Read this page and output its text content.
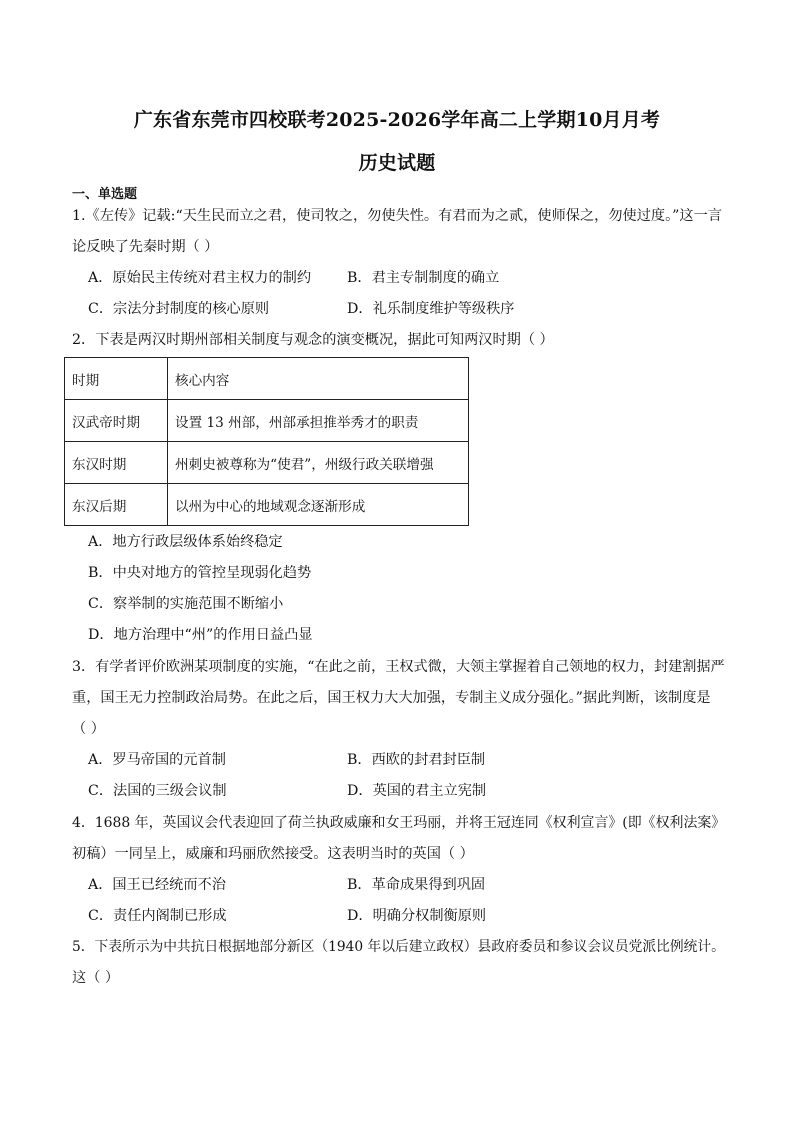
广东省东莞市四校联考2025-2026学年高二上学期10月月考
历史试题
一、单选题
1.《左传》记载:“天生民而立之君，使司牧之，勿使失性。有君而为之贰，使师保之，勿使过度。”这一言
论反映了先秦时期（ ）
A．原始民主传统对君主权力的制约	B．君主专制制度的确立
C．宗法分封制度的核心原则	D．礼乐制度维护等级秩序
2．下表是两汉时期州部相关制度与观念的演变概况，据此可知两汉时期（ ）
时期	核心内容
汉武帝时期	设置 13 州部，州部承担推举秀才的职责
东汉时期	州刺史被尊称为“使君”，州级行政关联增强
东汉后期	以州为中心的地域观念逐渐形成
A．地方行政层级体系始终稳定
B．中央对地方的管控呈现弱化趋势
C．察举制的实施范围不断缩小
D．地方治理中“州”的作用日益凸显
3．有学者评价欧洲某项制度的实施，“在此之前，王权式微，大领主掌握着自己领地的权力，封建割据严
重，国王无力控制政治局势。在此之后，国王权力大大加强，专制主义成分强化。”据此判断，该制度是
（ ）
A．罗马帝国的元首制	B．西欧的封君封臣制
C．法国的三级会议制	D．英国的君主立宪制
4．1688 年，英国议会代表迎回了荷兰执政威廉和女王玛丽，并将王冠连同《权利宣言》(即《权利法案》
初稿）一同呈上，威廉和玛丽欣然接受。这表明当时的英国（ ）
A．国王已经统而不治	B．革命成果得到巩固
C．责任内阁制已形成	D．明确分权制衡原则
5．下表所示为中共抗日根据地部分新区（1940 年以后建立政权）县政府委员和参议会议员党派比例统计。
这（ ）
